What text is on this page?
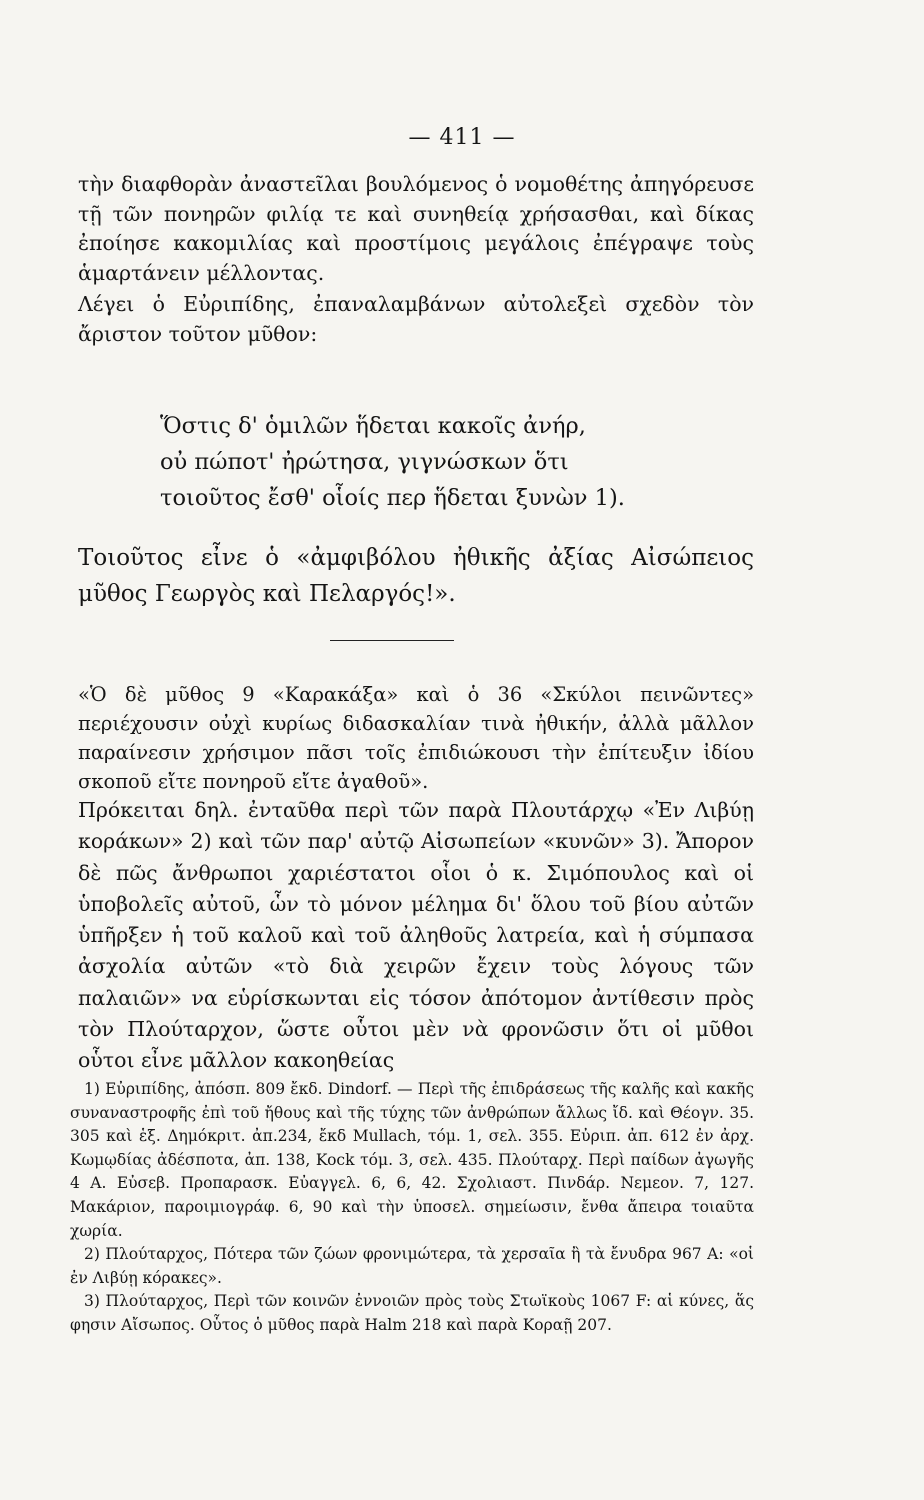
— 411 —

τὴν διαφθορὰν ἀναστεῖλαι βουλόμενος ὁ νομοθέτης ἀπηγόρευσε τῇ τῶν πονηρῶν φιλίᾳ τε καὶ συνηθείᾳ χρήσασθαι, καὶ δίκας ἐποίησε κακομιλίας καὶ προστίμοις μεγάλοις ἐπέγραψε τοὺς ἁμαρτάνειν μέλλοντας.

Λέγει ὁ Εὐριπίδης, ἐπαναλαμβάνων αὐτολεξεὶ σχεδὸν τὸν ἄριστον τοῦτον μῦθον:

Ὅστις δ' ὁμιλῶν ἥδεται κακοῖς ἀνήρ,
οὐ πώποτ' ἠρώτησα, γιγνώσκων ὅτι
τοιοῦτος ἔσθ' οἷοίς περ ἥδεται ξυνὼν 1).

Τοιοῦτος εἶνε ὁ «ἀμφιβόλου ἠθικῆς ἀξίας Αἰσώπειος μῦθος Γεωργὸς καὶ Πελαργός!».

«Ὁ δὲ μῦθος 9 «Καρακάξα» καὶ ὁ 36 «Σκύλοι πεινῶντες» περιέχουσιν οὐχὶ κυρίως διδασκαλίαν τινὰ ἠθικήν, ἀλλὰ μᾶλλον παραίνεσιν χρήσιμον πᾶσι τοῖς ἐπιδιώκουσι τὴν ἐπίτευξιν ἰδίου σκοποῦ εἴτε πονηροῦ εἴτε ἀγαθοῦ».

Πρόκειται δηλ. ἐνταῦθα περὶ τῶν παρὰ Πλουτάρχῳ «Ἐν Λιβύῃ κοράκων» 2) καὶ τῶν παρ' αὐτῷ Αἰσωπείων «κυνῶν» 3). Ἄπορον δὲ πῶς ἄνθρωποι χαριέστατοι οἷοι ὁ κ. Σιμόπουλος καὶ οἱ ὑποβολεῖς αὐτοῦ, ὧν τὸ μόνον μέλημα δι' ὅλου τοῦ βίου αὐτῶν ὑπῆρξεν ἡ τοῦ καλοῦ καὶ τοῦ ἀληθοῦς λατρεία, καὶ ἡ σύμπασα ἀσχολία αὐτῶν «τὸ διὰ χειρῶν ἔχειν τοὺς λόγους τῶν παλαιῶν» να εὑρίσκωνται εἰς τόσον ἀπότομον ἀντίθεσιν πρὸς τὸν Πλούταρχον, ὥστε οὗτοι μὲν νὰ φρονῶσιν ὅτι οἱ μῦθοι οὗτοι εἶνε μᾶλλον κακοηθείας

1) Εὐριπίδης, ἀπόσπ. 809 ἔκδ. Dindorf. — Περὶ τῆς ἐπιδράσεως τῆς καλῆς καὶ κακῆς συναναστροφῆς ἐπὶ τοῦ ἤθους καὶ τῆς τύχης τῶν ἀνθρώπων ἄλλως ἴδ. καὶ Θέογν. 35. 305 καὶ ἑξ. Δημόκριτ. ἀπ.234, ἔκδ Mullach, τόμ. 1, σελ. 355. Εὐριπ. ἀπ. 612 ἐν ἀρχ. Κωμῳδίας ἀδέσποτα, ἀπ. 138, Kock τόμ. 3, σελ. 435. Πλούταρχ. Περὶ παίδων ἀγωγῆς 4 A. Εὐσεβ. Προπαρασκ. Εὐαγγελ. 6, 6, 42. Σχολιαστ. Πινδάρ. Νεμεον. 7, 127. Μακάριον, παροιμιογράφ. 6, 90 καὶ τὴν ὑποσελ. σημείωσιν, ἔνθα ἄπειρα τοιαῦτα χωρία.

2) Πλούταρχος, Πότερα τῶν ζώων φρονιμώτερα, τὰ χερσαῖα ἢ τὰ ἔνυδρα 967 A: «οἱ ἐν Λιβύῃ κόρακες».

3) Πλούταρχος, Περὶ τῶν κοινῶν ἐννοιῶν πρὸς τοὺς Στωϊκοὺς 1067 F: αἱ κύνες, ἅς φησιν Αἴσωπος. Οὗτος ὁ μῦθος παρὰ Halm 218 καὶ παρὰ Κοραῇ 207.
